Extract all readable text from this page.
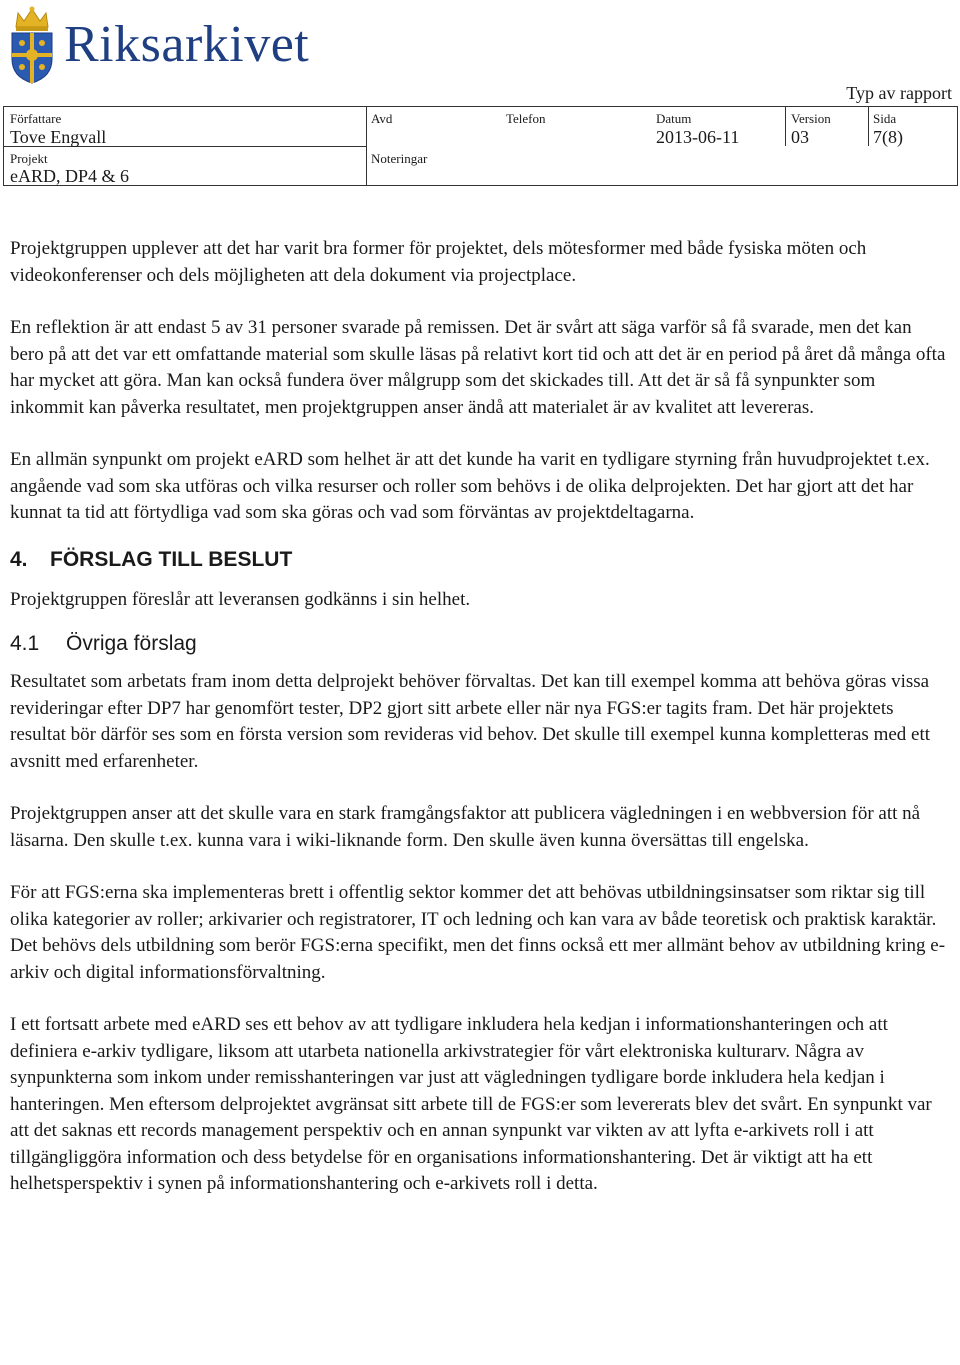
Riksarkivet
Typ av rapport
Författare
Tove Engvall
Avd	Telefon	Datum
2013-06-11
Version
03
Sida
7(8)
Projekt
eARD, DP4 & 6
Noteringar

Projektgruppen upplever att det har varit bra former för projektet, dels mötesformer med både fysiska möten och videokonferenser och dels möjligheten att dela dokument via projectplace.

En reflektion är att endast 5 av 31 personer svarade på remissen. Det är svårt att säga varför så få svarade, men det kan bero på att det var ett omfattande material som skulle läsas på relativt kort tid och att det är en period på året då många ofta har mycket att göra. Man kan också fundera över målgrupp som det skickades till. Att det är så få synpunkter som inkommit kan påverka resultatet, men projektgruppen anser ändå att materialet är av kvalitet att levereras.

En allmän synpunkt om projekt eARD som helhet är att det kunde ha varit en tydligare styrning från huvudprojektet t.ex. angående vad som ska utföras och vilka resurser och roller som behövs i de olika delprojekten. Det har gjort att det har kunnat ta tid att förtydliga vad som ska göras och vad som förväntas av projektdeltagarna.

4. FÖRSLAG TILL BESLUT

Projektgruppen föreslår att leveransen godkänns i sin helhet.

4.1 Övriga förslag

Resultatet som arbetats fram inom detta delprojekt behöver förvaltas. Det kan till exempel komma att behöva göras vissa revideringar efter DP7 har genomfört tester, DP2 gjort sitt arbete eller när nya FGS:er tagits fram. Det här projektets resultat bör därför ses som en första version som revideras vid behov. Det skulle till exempel kunna kompletteras med ett avsnitt med erfarenheter.

Projektgruppen anser att det skulle vara en stark framgångsfaktor att publicera vägledningen i en webbversion för att nå läsarna. Den skulle t.ex. kunna vara i wiki-liknande form. Den skulle även kunna översättas till engelska.

För att FGS:erna ska implementeras brett i offentlig sektor kommer det att behövas utbildningsinsatser som riktar sig till olika kategorier av roller; arkivarier och registratorer, IT och ledning och kan vara av både teoretisk och praktisk karaktär. Det behövs dels utbildning som berör FGS:erna specifikt, men det finns också ett mer allmänt behov av utbildning kring e-arkiv och digital informationsförvaltning.

I ett fortsatt arbete med eARD ses ett behov av att tydligare inkludera hela kedjan i informationshanteringen och att definiera e-arkiv tydligare, liksom att utarbeta nationella arkivstrategier för vårt elektroniska kulturarv. Några av synpunkterna som inkom under remisshanteringen var just att vägledningen tydligare borde inkludera hela kedjan i hanteringen. Men eftersom delprojektet avgränsat sitt arbete till de FGS:er som levererats blev det svårt. En synpunkt var att det saknas ett records management perspektiv och en annan synpunkt var vikten av att lyfta e-arkivets roll i att tillgängliggöra information och dess betydelse för en organisations informationshantering. Det är viktigt att ha ett helhetsperspektiv i synen på informationshantering och e-arkivets roll i detta.
